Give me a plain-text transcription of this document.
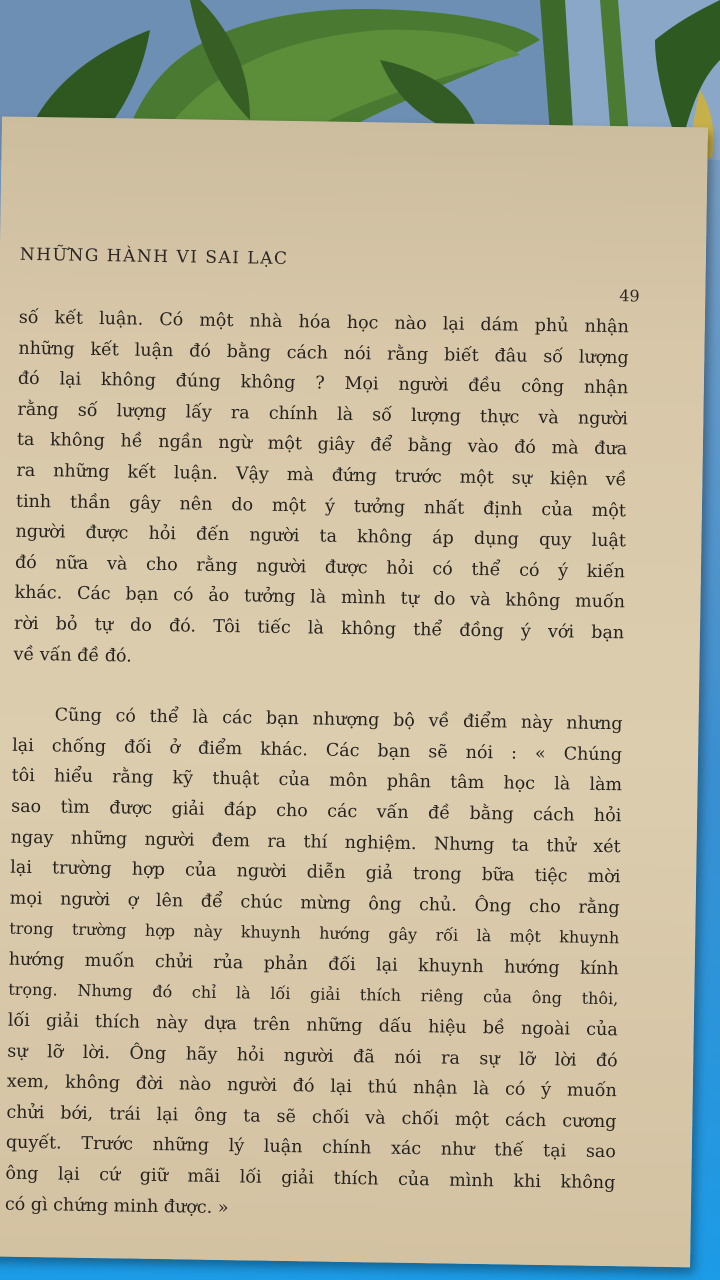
NHỮNG HÀNH VI SAI LẠC
49

số kết luận. Có một nhà hóa học nào lại dám phủ nhận
những kết luận đó bằng cách nói rằng biết đâu số lượng
đó lại không đúng không ? Mọi người đều công nhận
rằng số lượng lấy ra chính là số lượng thực và người
ta không hề ngần ngừ một giây để bằng vào đó mà đưa
ra những kết luận. Vậy mà đứng trước một sự kiện về
tinh thần gây nên do một ý tưởng nhất định của một
người được hỏi đến người ta không áp dụng quy luật
đó nữa và cho rằng người được hỏi có thể có ý kiến
khác. Các bạn có ảo tưởng là mình tự do và không muốn
rời bỏ tự do đó. Tôi tiếc là không thể đồng ý với bạn
về vấn đề đó.

Cũng có thể là các bạn nhượng bộ về điểm này nhưng
lại chống đối ở điểm khác. Các bạn sẽ nói : « Chúng
tôi hiểu rằng kỹ thuật của môn phân tâm học là làm
sao tìm được giải đáp cho các vấn đề bằng cách hỏi
ngay những người đem ra thí nghiệm. Nhưng ta thử xét
lại trường hợp của người diễn giả trong bữa tiệc mời
mọi người ợ lên để chúc mừng ông chủ. Ông cho rằng
trong trường hợp này khuynh hướng gây rối là một khuynh
hướng muốn chửi rủa phản đối lại khuynh hướng kính
trọng. Nhưng đó chỉ là lối giải thích riêng của ông thôi,
lối giải thích này dựa trên những dấu hiệu bề ngoài của
sự lỡ lời. Ông hãy hỏi người đã nói ra sự lỡ lời đó
xem, không đời nào người đó lại thú nhận là có ý muốn
chửi bới, trái lại ông ta sẽ chối và chối một cách cương
quyết. Trước những lý luận chính xác như thế tại sao
ông lại cứ giữ mãi lối giải thích của mình khi không
có gì chứng minh được. »
